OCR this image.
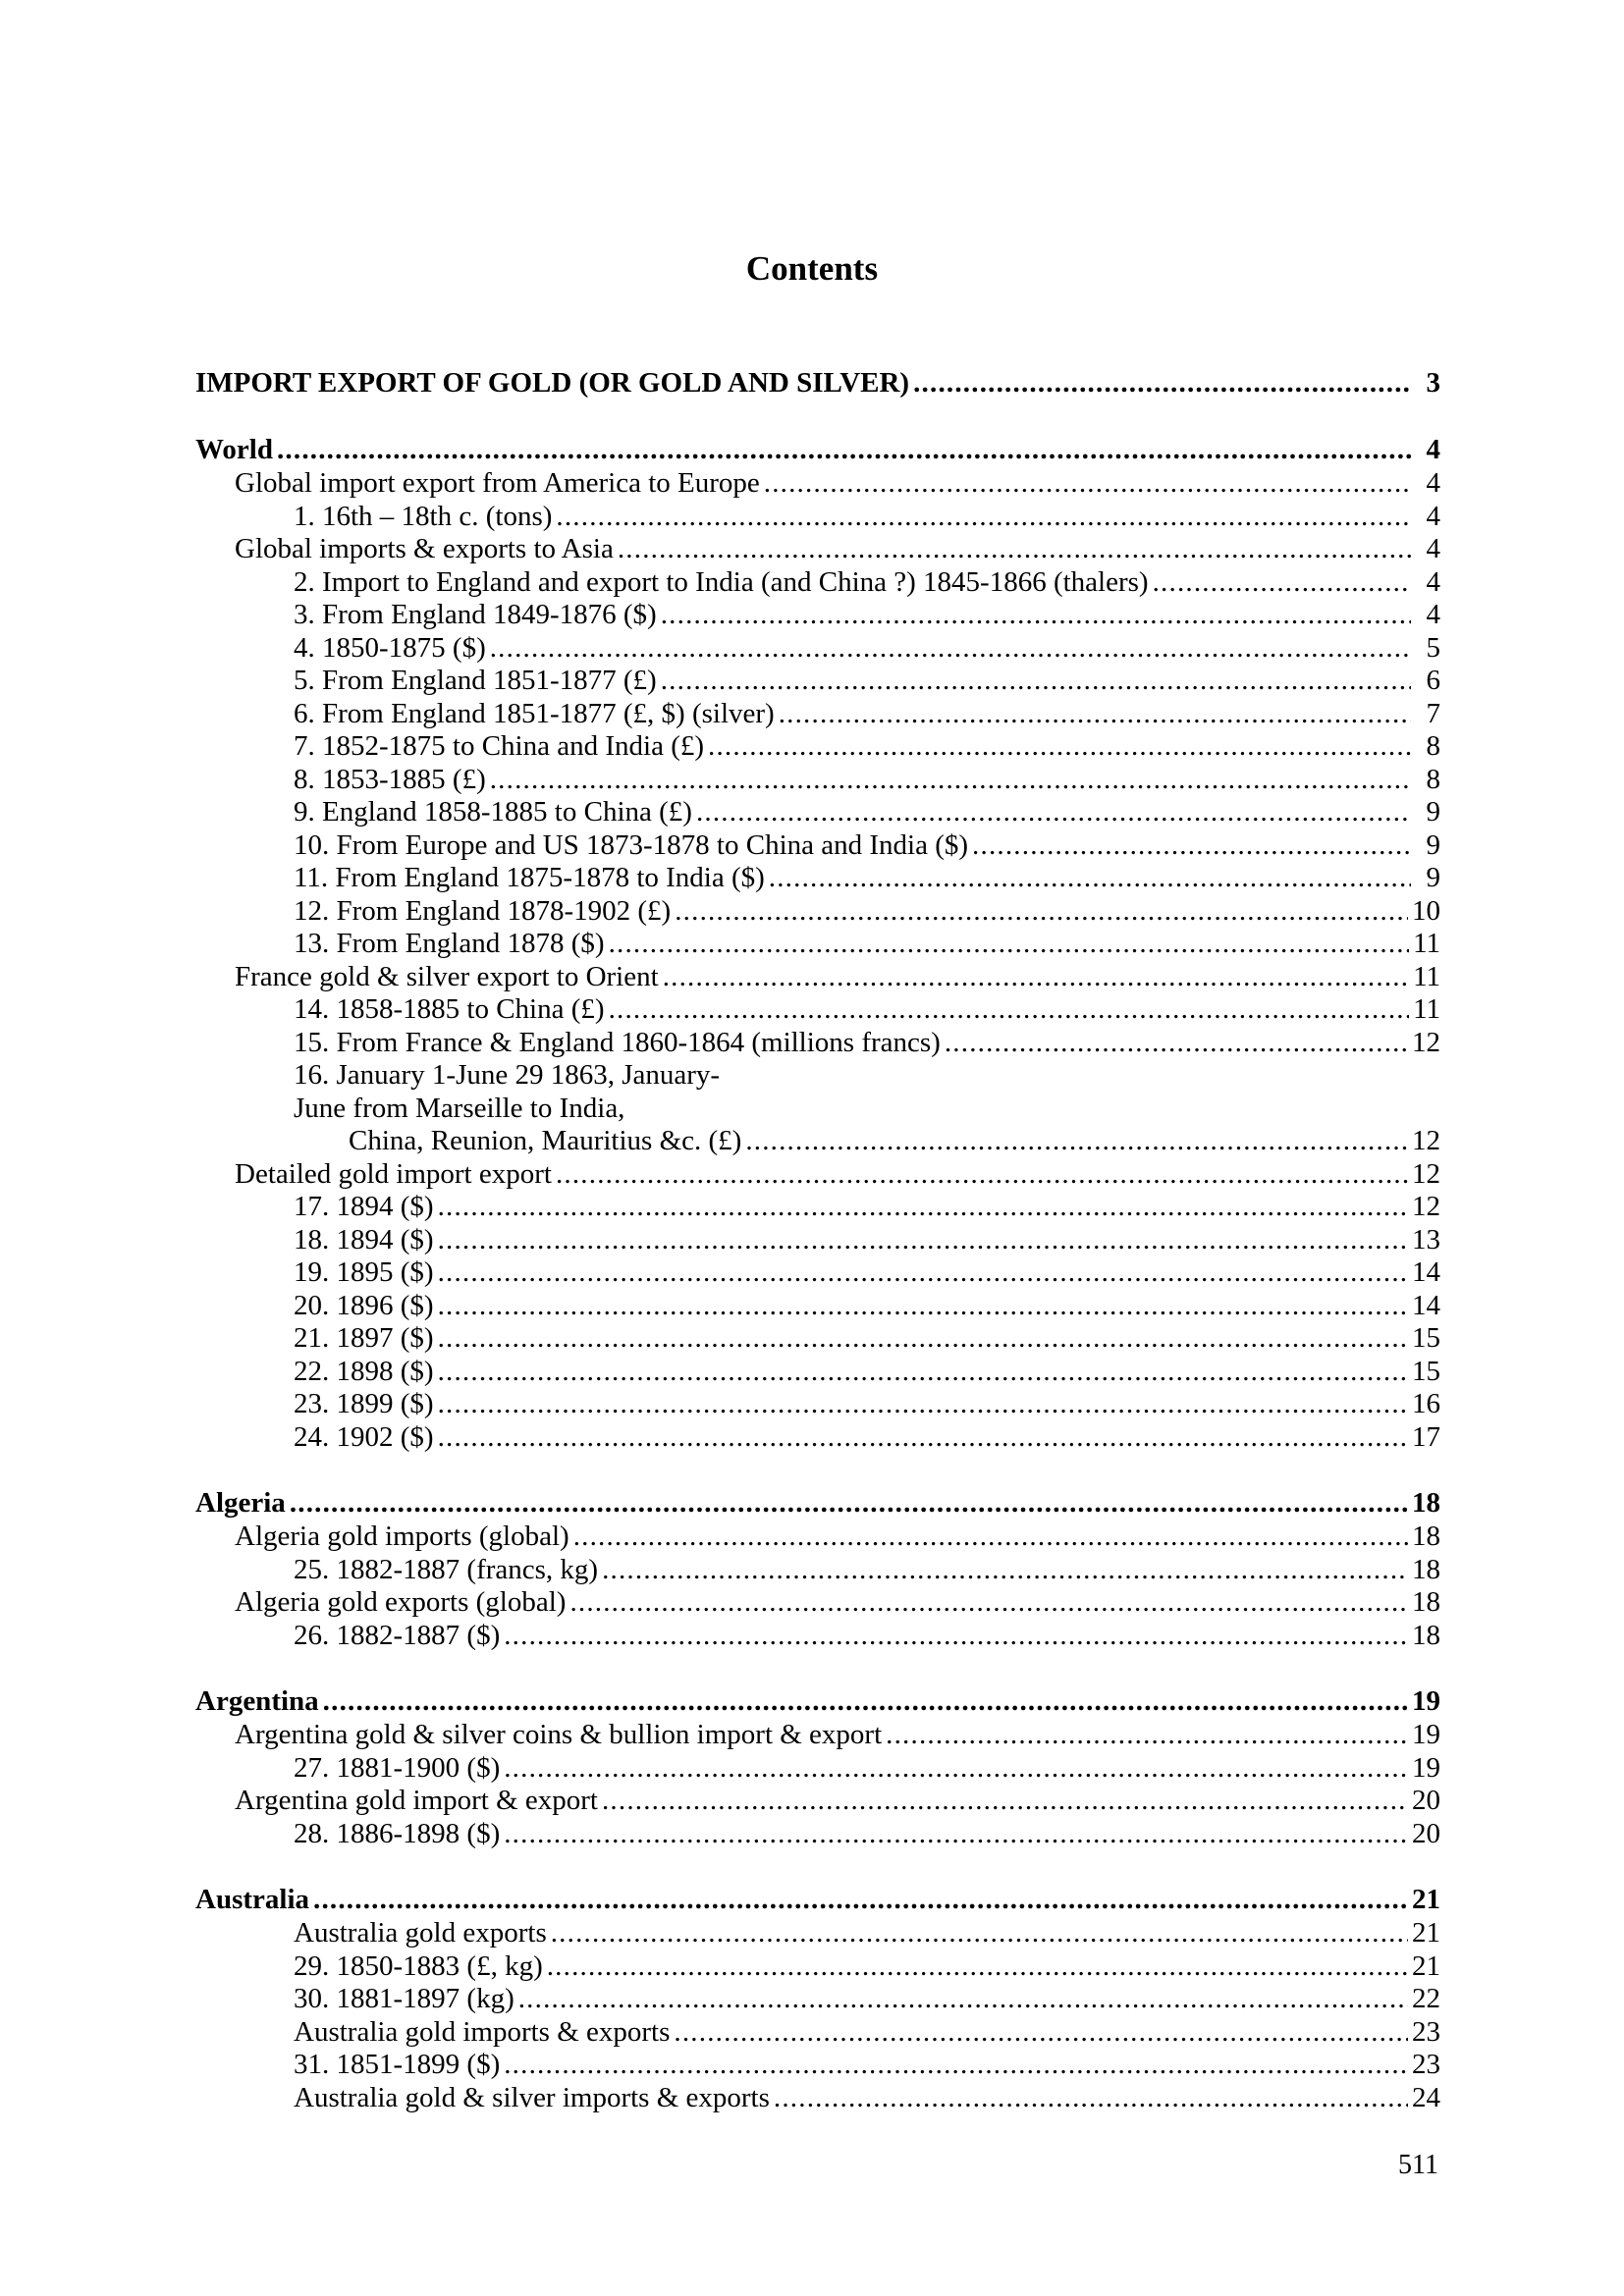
Contents
IMPORT EXPORT OF GOLD (OR GOLD AND SILVER) .....	3
World .....	4
Global import export from America to Europe .....	4
1. 16th – 18th c. (tons) .....	4
Global imports & exports to Asia .....	4
2. Import to England and export to India (and China ?) 1845-1866 (thalers) .....	4
3. From England 1849-1876 ($) .....	4
4. 1850-1875 ($) .....	5
5. From England 1851-1877 (£) .....	6
6. From England 1851-1877 (£, $) (silver) .....	7
7. 1852-1875 to China and India (£) .....	8
8. 1853-1885 (£) .....	8
9. England 1858-1885 to China (£) .....	9
10. From Europe and US 1873-1878 to China and India ($) .....	9
11. From England 1875-1878 to India ($) .....	9
12. From England 1878-1902 (£) .....	10
13. From England 1878 ($) .....	11
France gold & silver export to Orient .....	11
14. 1858-1885 to China (£) .....	11
15. From France & England 1860-1864 (millions francs) .....	12
16. January 1-June 29 1863, January-June from Marseille to India,

China, Reunion, Mauritius &c. (£) .....	12
Detailed gold import export .....	12
17. 1894 ($) .....	12
18. 1894 ($) .....	13
19. 1895 ($) .....	14
20. 1896 ($) .....	14
21. 1897 ($) .....	15
22. 1898 ($) .....	15
23. 1899 ($) .....	16
24. 1902 ($) .....	17
Algeria .....	18
Algeria gold imports (global) .....	18
25. 1882-1887 (francs, kg) .....	18
Algeria gold exports (global) .....	18
26. 1882-1887 ($) .....	18
Argentina .....	19
Argentina gold & silver coins & bullion import & export .....	19
27. 1881-1900 ($) .....	19
Argentina gold import & export .....	20
28. 1886-1898 ($) .....	20
Australia .....	21
Australia gold exports .....	21
29. 1850-1883 (£, kg) .....	21
30. 1881-1897 (kg) .....	22
Australia gold imports & exports .....	23
31. 1851-1899 ($) .....	23
Australia gold & silver imports & exports .....	24
511
